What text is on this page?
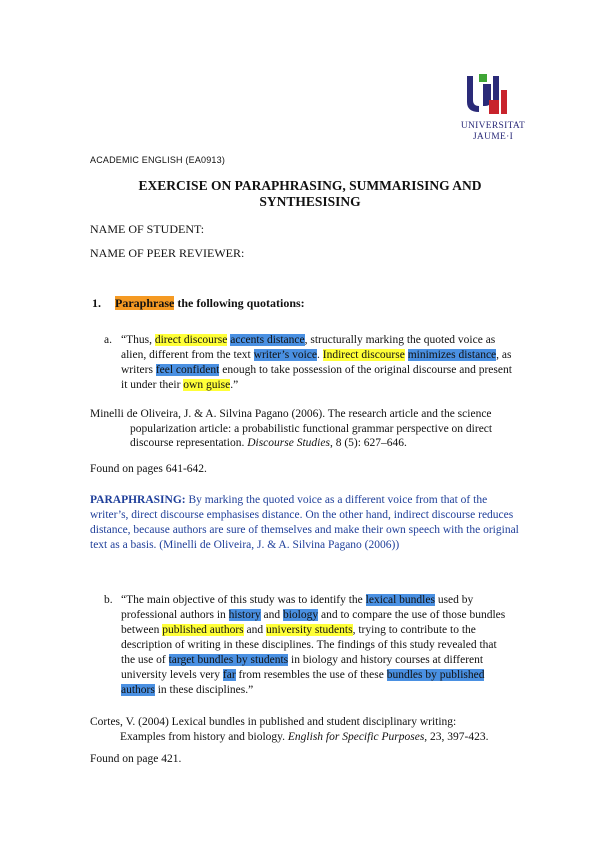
UNIVERSITAT
JAUME·I
ACADEMIC ENGLISH (EA0913)
EXERCISE ON PARAPHRASING, SUMMARISING AND
SYNTHESISING
NAME OF STUDENT:
NAME OF PEER REVIEWER:
1. Paraphrase the following quotations:
a. “Thus, direct discourse accents distance, structurally marking the quoted voice as alien, different from the text writer’s voice. Indirect discourse minimizes distance, as writers feel confident enough to take possession of the original discourse and present it under their own guise.”

Minelli de Oliveira, J. & A. Silvina Pagano (2006). The research article and the science
popularization article: a probabilistic functional grammar perspective on direct
discourse representation. Discourse Studies, 8 (5): 627–646.
Found on pages 641-642.

PARAPHRASING: By marking the quoted voice as a different voice from that of the writer’s, direct discourse emphasises distance. On the other hand, indirect discourse reduces distance, because authors are sure of themselves and make their own speech with the original text as a basis. (Minelli de Oliveira, J. & A. Silvina Pagano (2006))

b. “The main objective of this study was to identify the lexical bundles used by professional authors in history and biology and to compare the use of those bundles between published authors and university students, trying to contribute to the description of writing in these disciplines. The findings of this study revealed that the use of target bundles by students in biology and history courses at different university levels very far from resembles the use of these bundles by published authors in these disciplines.”

Cortes, V. (2004) Lexical bundles in published and student disciplinary writing:
Examples from history and biology. English for Specific Purposes, 23, 397-423.
Found on page 421.
